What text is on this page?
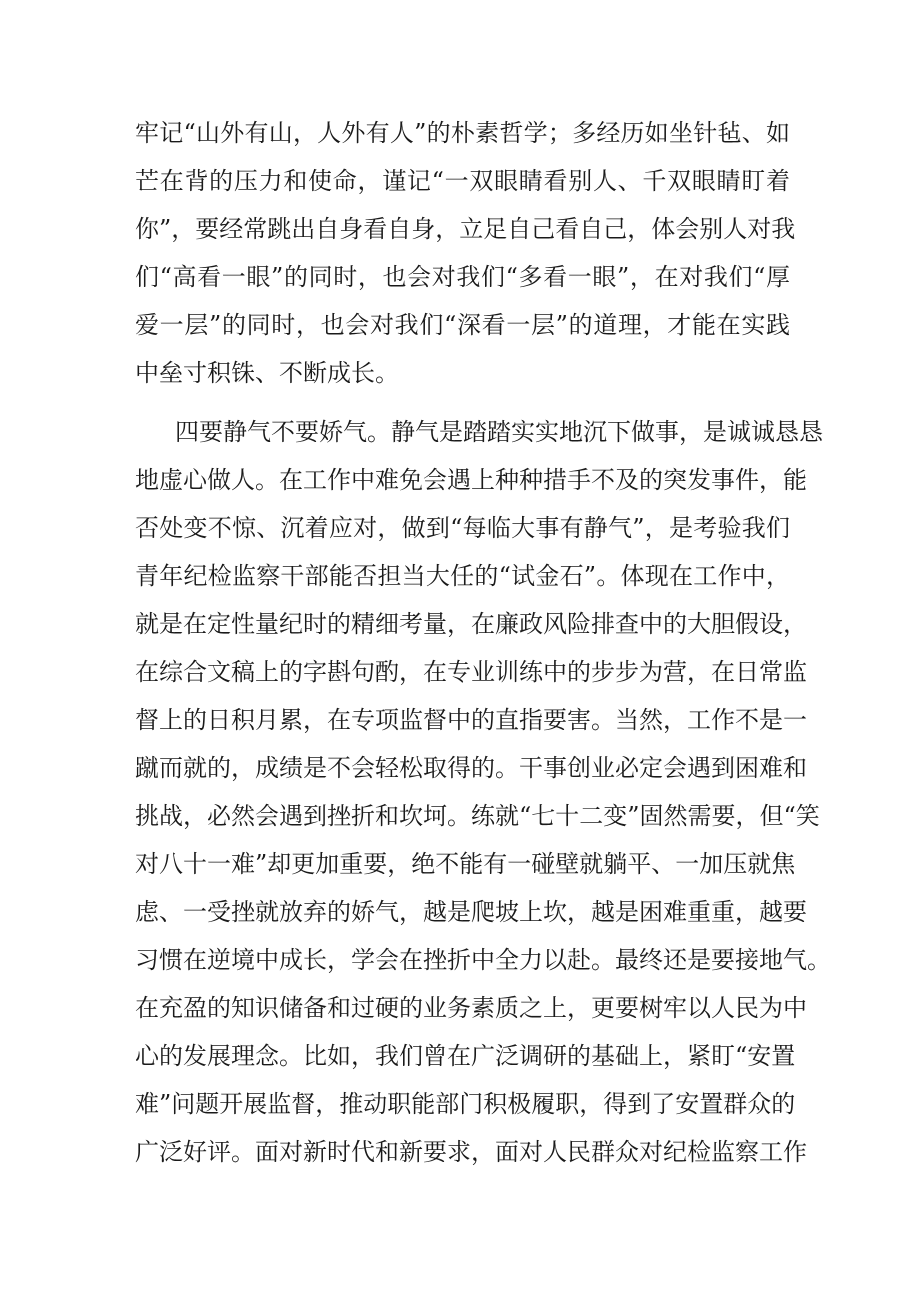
牢记“山外有山，人外有人”的朴素哲学；多经历如坐针毡、如
芒在背的压力和使命，谨记“一双眼睛看别人、千双眼睛盯着
你”，要经常跳出自身看自身，立足自己看自己，体会别人对我
们“高看一眼”的同时，也会对我们“多看一眼”，在对我们“厚
爱一层”的同时，也会对我们“深看一层”的道理，才能在实践
中垒寸积铢、不断成长。
四要静气不要娇气。静气是踏踏实实地沉下做事，是诚诚恳恳
地虚心做人。在工作中难免会遇上种种措手不及的突发事件，能
否处变不惊、沉着应对，做到“每临大事有静气”，是考验我们
青年纪检监察干部能否担当大任的“试金石”。体现在工作中，
就是在定性量纪时的精细考量，在廉政风险排查中的大胆假设，
在综合文稿上的字斟句酌，在专业训练中的步步为营，在日常监
督上的日积月累，在专项监督中的直指要害。当然，工作不是一
蹴而就的，成绩是不会轻松取得的。干事创业必定会遇到困难和
挑战，必然会遇到挫折和坎坷。练就“七十二变”固然需要，但“笑
对八十一难”却更加重要，绝不能有一碰壁就躺平、一加压就焦
虑、一受挫就放弃的娇气，越是爬坡上坎，越是困难重重，越要
习惯在逆境中成长，学会在挫折中全力以赴。最终还是要接地气。
在充盈的知识储备和过硬的业务素质之上，更要树牢以人民为中
心的发展理念。比如，我们曾在广泛调研的基础上，紧盯“安置
难”问题开展监督，推动职能部门积极履职，得到了安置群众的
广泛好评。面对新时代和新要求，面对人民群众对纪检监察工作
